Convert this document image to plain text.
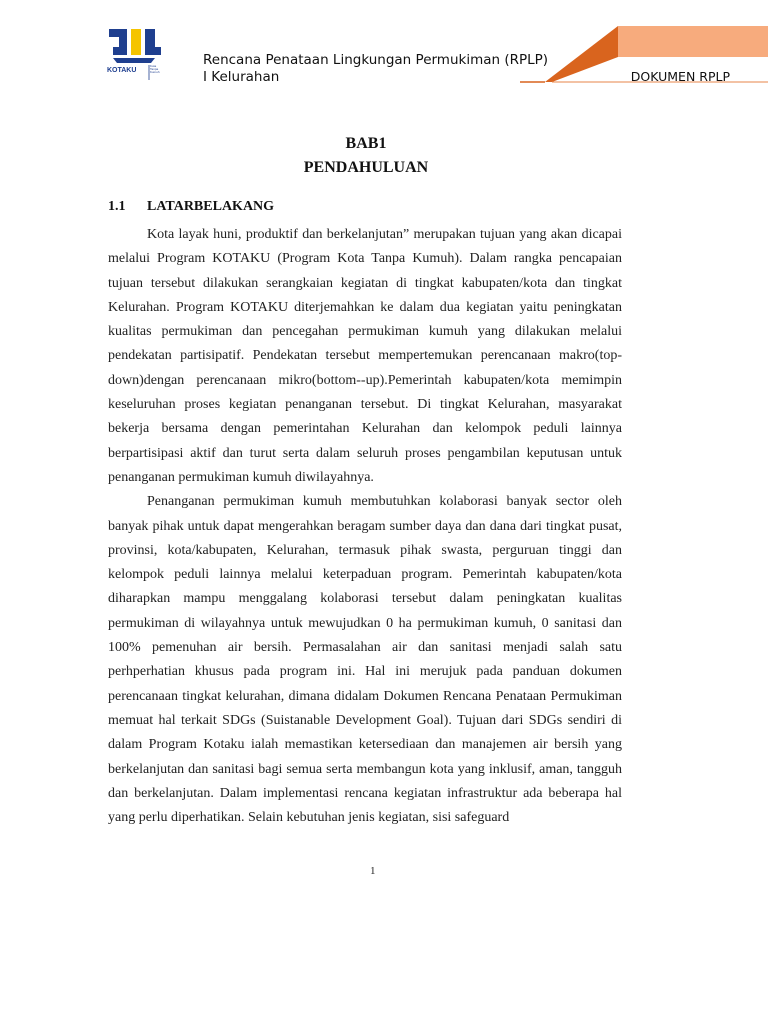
KOTAKU
Kota Tanpa Kumuh
Rencana Penataan Lingkungan Permukiman (RPLP)
I Kelurahan	DOKUMEN RPLP
BAB1
PENDAHULUAN
1.1 LATARBELAKANG

Kota layak huni, produktif dan berkelanjutan” merupakan tujuan yang akan dicapai melalui Program KOTAKU (Program Kota Tanpa Kumuh). Dalam rangka pencapaian tujuan tersebut dilakukan serangkaian kegiatan di tingkat kabupaten/kota dan tingkat Kelurahan. Program KOTAKU diterjemahkan ke dalam dua kegiatan yaitu peningkatan kualitas permukiman dan pencegahan permukiman kumuh yang dilakukan melalui pendekatan partisipatif. Pendekatan tersebut mempertemukan perencanaan makro(top-down)dengan perencanaan mikro(bottom--up).Pemerintah kabupaten/kota memimpin keseluruhan proses kegiatan penanganan tersebut. Di tingkat Kelurahan, masyarakat bekerja bersama dengan pemerintahan Kelurahan dan kelompok peduli lainnya berpartisipasi aktif dan turut serta dalam seluruh proses pengambilan keputusan untuk penanganan permukiman kumuh diwilayahnya.

Penanganan permukiman kumuh membutuhkan kolaborasi banyak sector oleh banyak pihak untuk dapat mengerahkan beragam sumber daya dan dana dari tingkat pusat, provinsi, kota/kabupaten, Kelurahan, termasuk pihak swasta, perguruan tinggi dan kelompok peduli lainnya melalui keterpaduan program. Pemerintah kabupaten/kota diharapkan mampu menggalang kolaborasi tersebut dalam peningkatan kualitas permukiman di wilayahnya untuk mewujudkan 0 ha permukiman kumuh, 0 sanitasi dan 100% pemenuhan air bersih. Permasalahan air dan sanitasi menjadi salah satu perhperhatian khusus pada program ini. Hal ini merujuk pada panduan dokumen perencanaan tingkat kelurahan, dimana didalam Dokumen Rencana Penataan Permukiman memuat hal terkait SDGs (Suistanable Development Goal). Tujuan dari SDGs sendiri di dalam Program Kotaku ialah memastikan ketersediaan dan manajemen air bersih yang berkelanjutan dan sanitasi bagi semua serta membangun kota yang inklusif, aman, tangguh dan berkelanjutan. Dalam implementasi rencana kegiatan infrastruktur ada beberapa hal yang perlu diperhatikan. Selain kebutuhan jenis kegiatan, sisi safeguard

1
